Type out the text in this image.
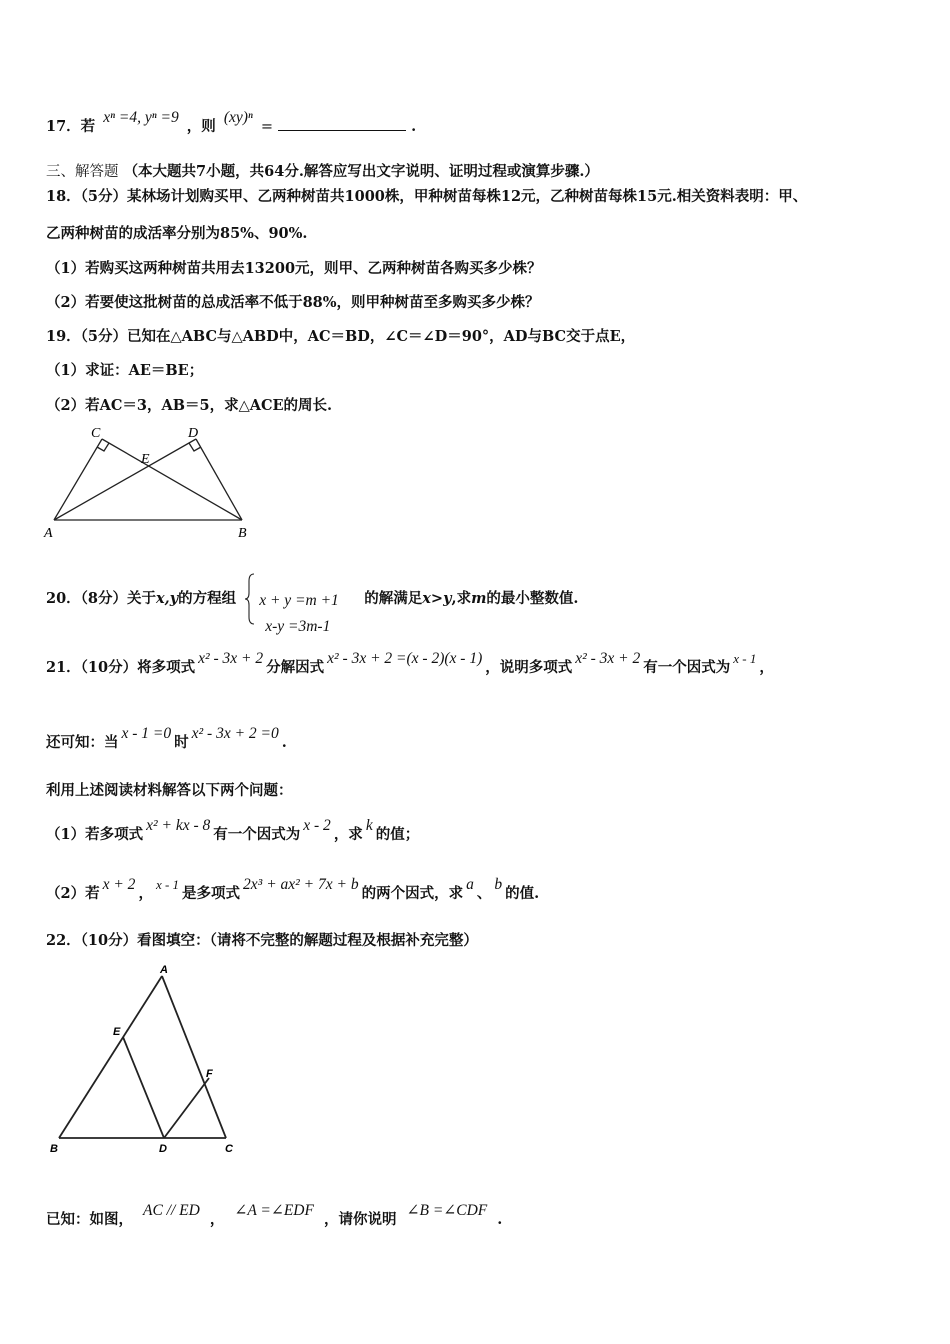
17．若 xⁿ =4, yⁿ =9 ，则 (xy)ⁿ =	.
三、解答题 （本大题共7小题，共64分.解答应写出文字说明、证明过程或演算步骤.）
18．（5分）某林场计划购买甲、乙两种树苗共1000株，甲种树苗每株12元，乙种树苗每株15元.相关资料表明：甲、
乙两种树苗的成活率分别为85%、90%.
（1）若购买这两种树苗共用去13200元，则甲、乙两种树苗各购买多少株？
（2）若要使这批树苗的总成活率不低于88%，则甲种树苗至多购买多少株？
19．（5分）已知在△ABC与△ABD中，AC＝BD，∠C＝∠D＝90°，AD与BC交于点E，
（1）求证：AE＝BE；
（2）若AC＝3，AB＝5，求△ACE的周长.
C	D
E
A	B
20．（8分）关于x,y的方程组 x + y =m +1
x-y =3m-1
的解满足x>y,求m的最小整数值.
21．（10分）将多项式x² - 3x + 2分解因式x² - 3x + 2 =(x - 2)(x - 1)，说明多项式x² - 3x + 2有一个因式为x - 1，
还可知：当x - 1 =0时x² - 3x + 2 =0.
利用上述阅读材料解答以下两个问题：
（1）若多项式x² + kx - 8有一个因式为x - 2，求k的值；
（2）若x + 2，x - 1是多项式2x³ + ax² + 7x + b的两个因式，求a、b的值.
22．（10分）看图填空：（请将不完整的解题过程及根据补充完整）
A
E
F
B	D	C
已知：如图，AC // ED，∠A =∠EDF，请你说明∠B =∠CDF.
